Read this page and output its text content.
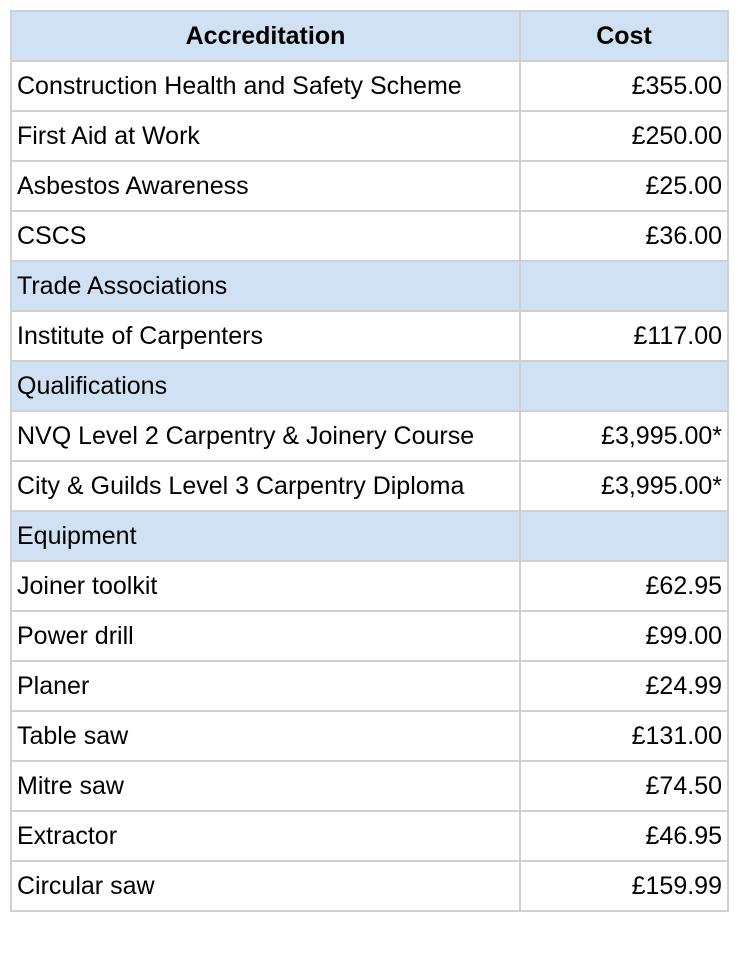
Accreditation	Cost
Construction Health and Safety Scheme	£355.00
First Aid at Work	£250.00
Asbestos Awareness	£25.00
CSCS	£36.00
Trade Associations	
Institute of Carpenters	£117.00
Qualifications	
NVQ Level 2 Carpentry & Joinery Course	£3,995.00*
City & Guilds Level 3 Carpentry Diploma	£3,995.00*
Equipment	
Joiner toolkit	£62.95
Power drill	£99.00
Planer	£24.99
Table saw	£131.00
Mitre saw	£74.50
Extractor	£46.95
Circular saw	£159.99
